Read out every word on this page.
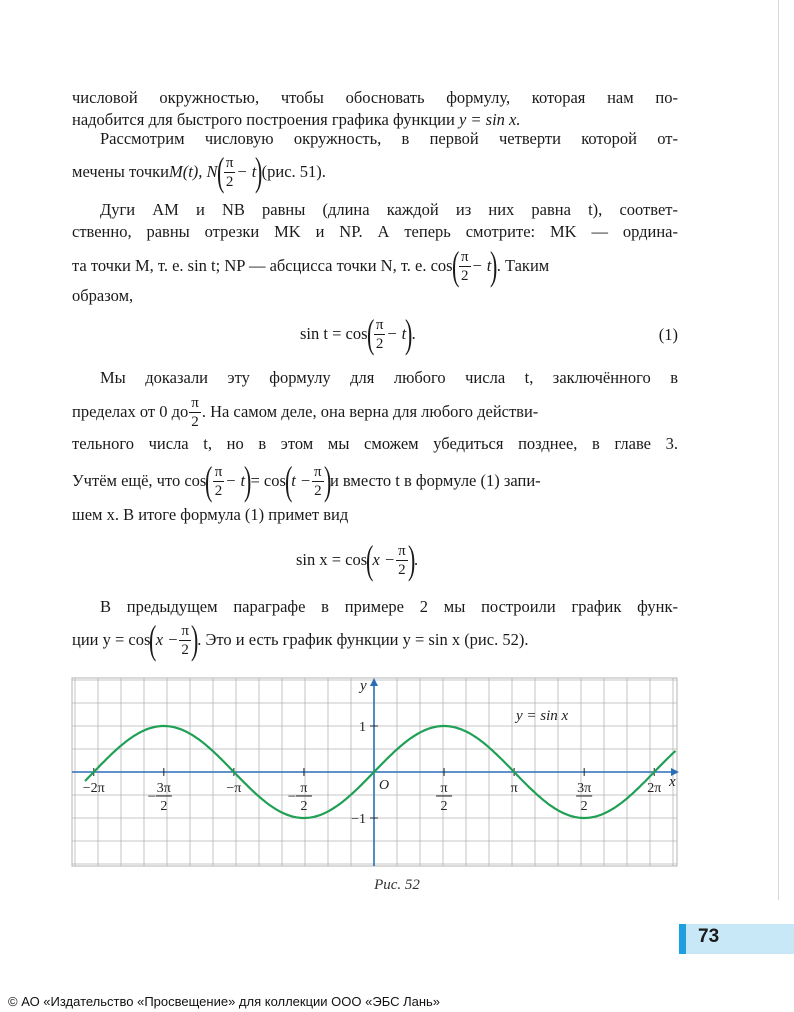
числовой окружностью, чтобы обосновать формулу, которая нам по-
надобится для быстрого построения графика функции y = sin x.
Рассмотрим числовую окружность, в первой четверти которой от-
мечены точки M(t), N
( $\frac{\pi}{2} - t$
)
(рис. 51).
Дуги AM и NB равны (длина каждой из них равна t), соответ-
ственно, равны отрезки MK и NP. А теперь смотрите: MK — ордина-
та точки M, т. е. sin t; NP — абсцисса точки N, т. е. cos
( $\frac{\pi}{2} - t$
)
. Таким
образом,
sin t = cos
( $\frac{\pi}{2} - t$
)
.	(1)
Мы доказали эту формулу для любого числа t, заключённого в
пределах от 0 до $\frac{\pi}{2}$ . На самом деле, она верна для любого действи-
тельного числа t, но в этом мы сможем убедиться позднее, в главе 3.
Учтём ещё, что cos
( $\frac{\pi}{2} - t$
)
= cos
(
$t - \frac{\pi}{2}$ )
и вместо t в формуле (1) запи-
шем x. В итоге формула (1) примет вид
sin x = cos
(
$x - \frac{\pi}{2}$ )
.
В предыдущем параграфе в примере 2 мы построили график функ-
ции y = cos
(
$x - \frac{\pi}{2}$ )
. Это и есть график функции y = sin x (рис. 52).
−2π
−
3π
2
−π
−
π
2
π
2
π	3π
2
2π
1
−1
y
x
O
y = sin x
Рис. 52
73
© АО «Издательство «Просвещение» для коллекции ООО «ЭБС Лань»
